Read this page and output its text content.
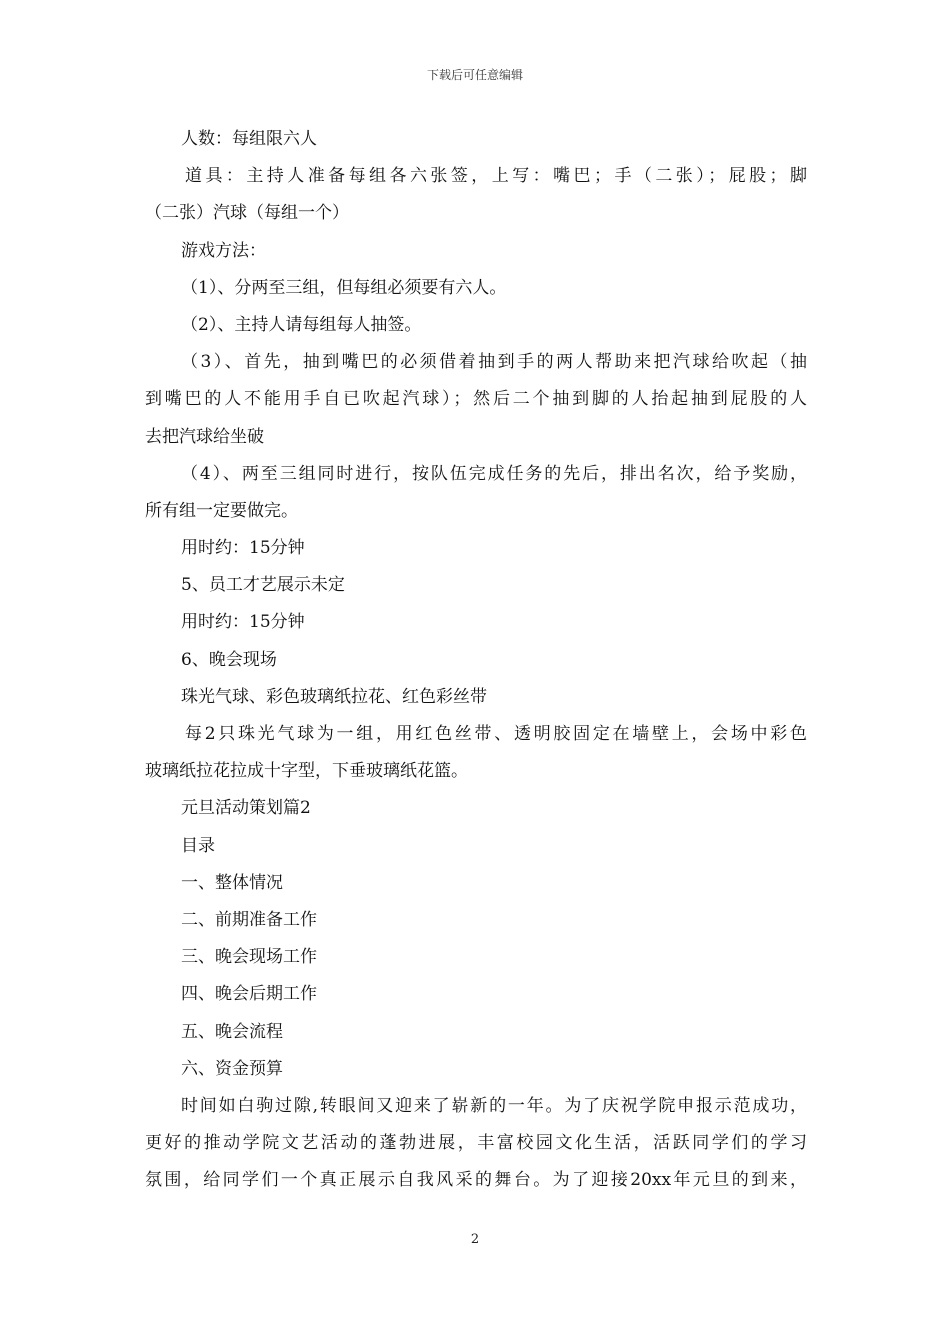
下载后可任意编辑
人数：每组限六人
道具：主持人准备每组各六张签，上写：嘴巴；手（二张）；屁股；脚
（二张）汽球（每组一个）
游戏方法：
（1）、分两至三组，但每组必须要有六人。
（2）、主持人请每组每人抽签。
（3）、首先，抽到嘴巴的必须借着抽到手的两人帮助来把汽球给吹起（抽
到嘴巴的人不能用手自已吹起汽球）；然后二个抽到脚的人抬起抽到屁股的人
去把汽球给坐破
（4）、两至三组同时进行，按队伍完成任务的先后，排出名次，给予奖励，
所有组一定要做完。
用时约：15分钟
5、员工才艺展示未定
用时约：15分钟
6、晚会现场
珠光气球、彩色玻璃纸拉花、红色彩丝带
每2只珠光气球为一组，用红色丝带、透明胶固定在墙壁上，会场中彩色
玻璃纸拉花拉成十字型，下垂玻璃纸花篮。
元旦活动策划篇2
目录
一、整体情况
二、前期准备工作
三、晚会现场工作
四、晚会后期工作
五、晚会流程
六、资金预算
时间如白驹过隙,转眼间又迎来了崭新的一年。为了庆祝学院申报示范成功，
更好的推动学院文艺活动的蓬勃进展，丰富校园文化生活，活跃同学们的学习
氛围，给同学们一个真正展示自我风采的舞台。为了迎接20xx年元旦的到来，
2
